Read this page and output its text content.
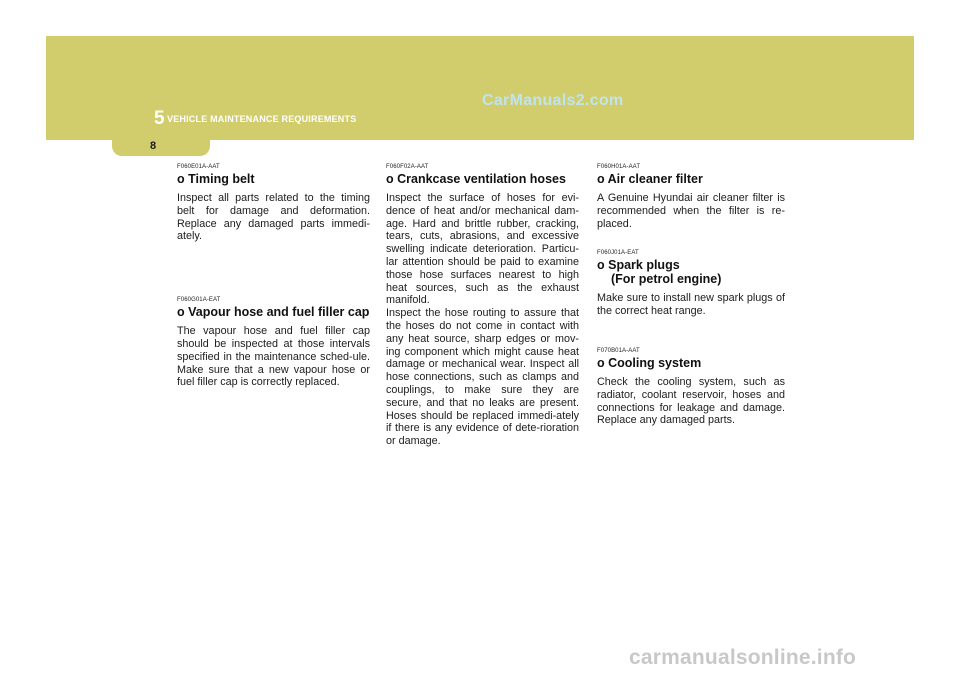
5 VEHICLE MAINTENANCE REQUIREMENTS
8
CarManuals2.com

F060E01A-AAT

o Timing belt

Inspect all parts related to the timing belt for damage and deformation. Replace any damaged parts immedi-ately.

F060G01A-EAT

o Vapour hose and fuel filler cap

The vapour hose and fuel filler cap should be inspected at those intervals specified in the maintenance sched-ule. Make sure that a new vapour hose or fuel filler cap is correctly replaced.

F060F02A-AAT

o Crankcase ventilation hoses

Inspect the surface of hoses for evi-dence of heat and/or mechanical dam-age. Hard and brittle rubber, cracking, tears, cuts, abrasions, and excessive swelling indicate deterioration. Particu-lar attention should be paid to examine those hose surfaces nearest to high heat sources, such as the exhaust manifold.

Inspect the hose routing to assure that the hoses do not come in contact with any heat source, sharp edges or mov-ing component which might cause heat damage or mechanical wear. Inspect all hose connections, such as clamps and couplings, to make sure they are secure, and that no leaks are present. Hoses should be replaced immedi-ately if there is any evidence of dete-rioration or damage.

F060H01A-AAT

o Air cleaner filter

A Genuine Hyundai air cleaner filter is recommended when the filter is re-placed.

F060J01A-EAT

o Spark plugs
(For petrol engine)

Make sure to install new spark plugs of the correct heat range.

F070B01A-AAT

o Cooling system

Check the cooling system, such as radiator, coolant reservoir, hoses and connections for leakage and damage. Replace any damaged parts.

carmanualsonline.info
